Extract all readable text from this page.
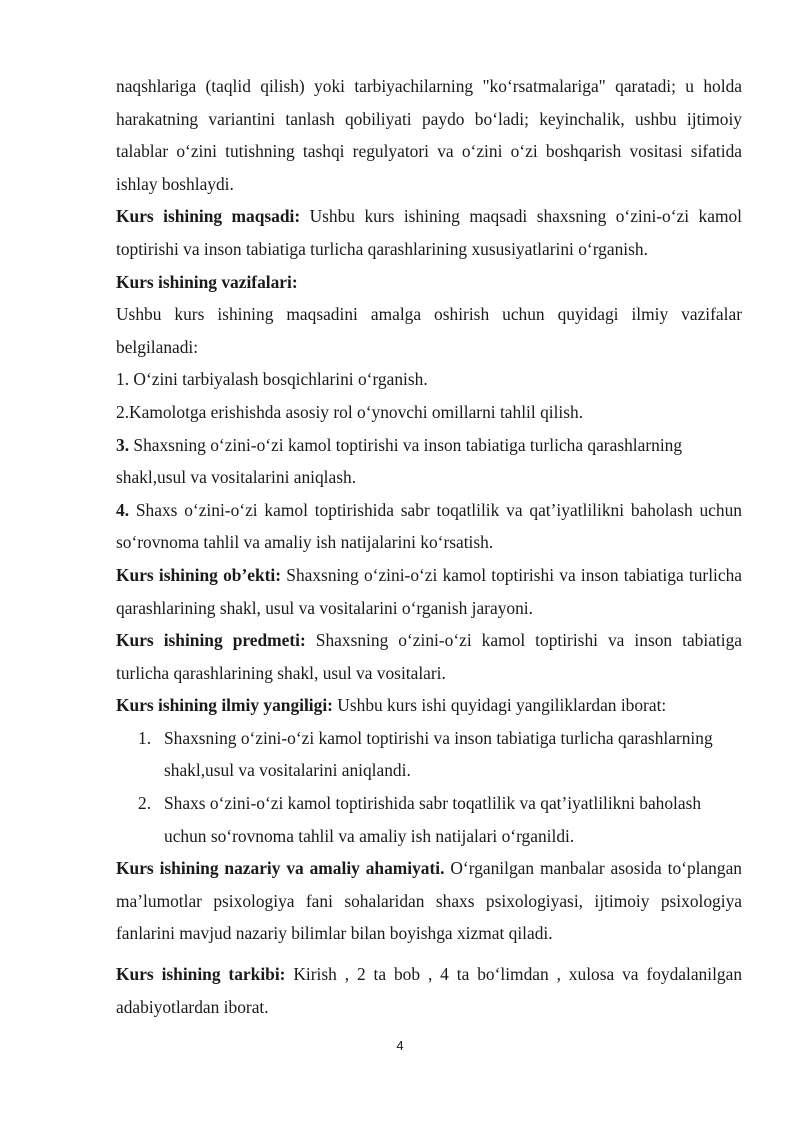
naqshlariga (taqlid qilish) yoki tarbiyachilarning "ko‘rsatmalariga" qaratadi; u holda harakatning variantini tanlash qobiliyati paydo bo‘ladi; keyinchalik, ushbu ijtimoiy talablar o‘zini tutishning tashqi regulyatori va o‘zini o‘zi boshqarish vositasi sifatida ishlay boshlaydi.

Kurs ishining maqsadi: Ushbu kurs ishining maqsadi shaxsning o‘zini-o‘zi kamol toptirishi va inson tabiatiga turlicha qarashlarining xususiyatlarini o‘rganish.

Kurs ishining vazifalari:

Ushbu kurs ishining maqsadini amalga oshirish uchun quyidagi ilmiy vazifalar belgilanadi:

1. O‘zini tarbiyalash bosqichlarini o‘rganish.

2.Kamolotga erishishda asosiy rol o‘ynovchi omillarni tahlil qilish.

3. Shaxsning o‘zini-o‘zi kamol toptirishi va inson tabiatiga turlicha qarashlarning shakl,usul va vositalarini aniqlash.

4. Shaxs o‘zini-o‘zi kamol toptirishida sabr toqatlilik va qat’iyatlilikni baholash uchun so‘rovnoma tahlil va amaliy ish natijalarini ko‘rsatish.

Kurs ishining ob’ekti: Shaxsning o‘zini-o‘zi kamol toptirishi va inson tabiatiga turlicha qarashlarining shakl, usul va vositalarini o‘rganish jarayoni.

Kurs ishining predmeti: Shaxsning o‘zini-o‘zi kamol toptirishi va inson tabiatiga turlicha qarashlarining shakl, usul va vositalari.

Kurs ishining ilmiy yangiligi: Ushbu kurs ishi quyidagi yangiliklardan iborat:

1. Shaxsning o‘zini-o‘zi kamol toptirishi va inson tabiatiga turlicha qarashlarning shakl,usul va vositalarini aniqlandi.
2. Shaxs o‘zini-o‘zi kamol toptirishida sabr toqatlilik va qat’iyatlilikni baholash uchun so‘rovnoma tahlil va amaliy ish natijalari o‘rganildi.

Kurs ishining nazariy va amaliy ahamiyati. O‘rganilgan manbalar asosida to‘plangan ma’lumotlar psixologiya fani sohalaridan shaxs psixologiyasi, ijtimoiy psixologiya fanlarini mavjud nazariy bilimlar bilan boyishga xizmat qiladi.

Kurs ishining tarkibi: Kirish , 2 ta bob , 4 ta bo‘limdan , xulosa va foydalanilgan adabiyotlardan iborat.

4
